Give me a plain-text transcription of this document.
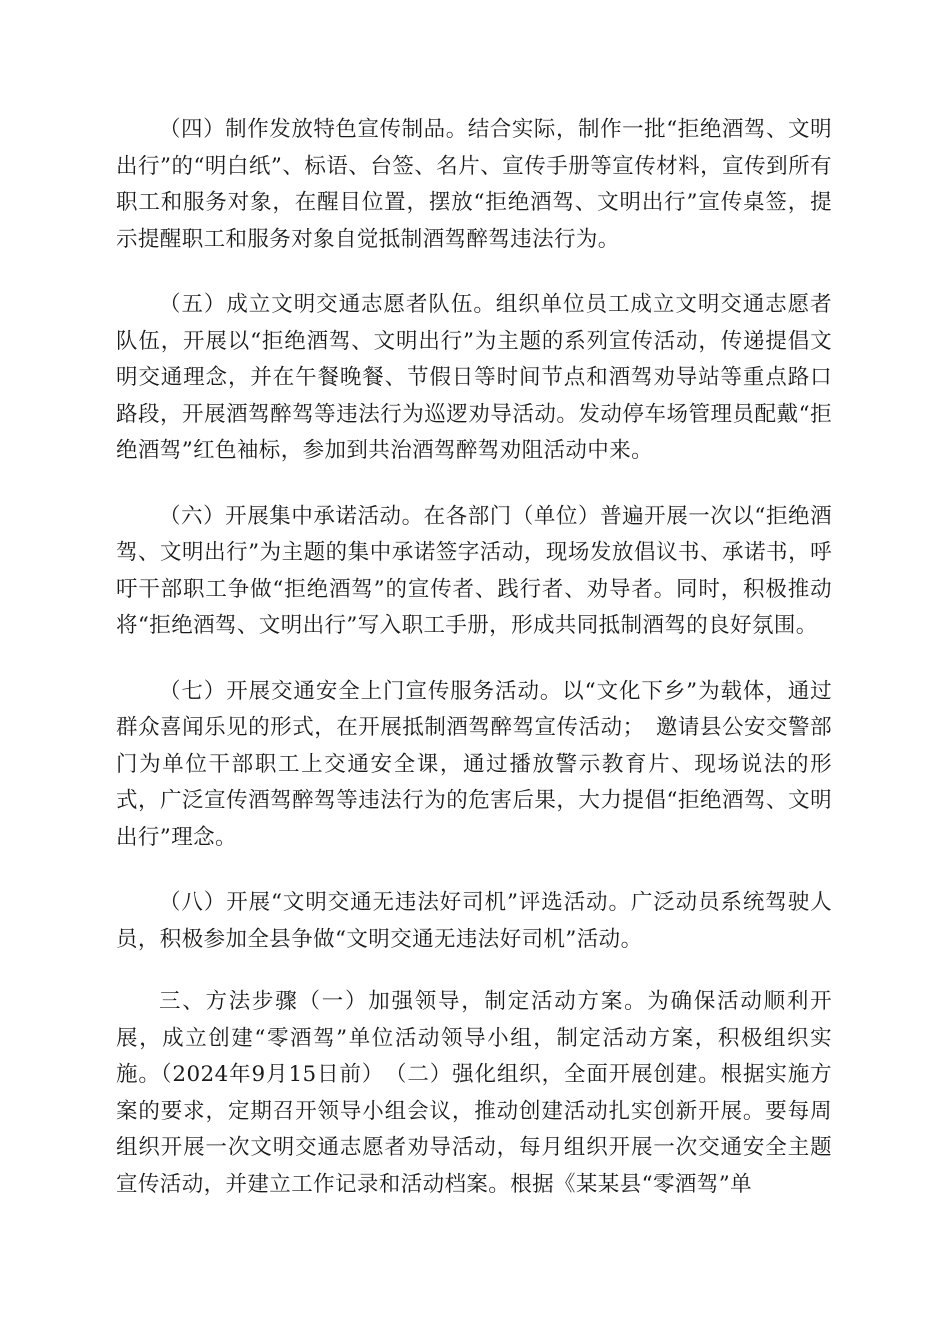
（四）制作发放特色宣传制品。结合实际，制作一批“拒绝酒驾、文明出行”的“明白纸”、标语、台签、名片、宣传手册等宣传材料，宣传到所有职工和服务对象，在醒目位置，摆放“拒绝酒驾、文明出行”宣传桌签，提示提醒职工和服务对象自觉抵制酒驾醉驾违法行为。

（五）成立文明交通志愿者队伍。组织单位员工成立文明交通志愿者队伍，开展以“拒绝酒驾、文明出行”为主题的系列宣传活动，传递提倡文明交通理念，并在午餐晚餐、节假日等时间节点和酒驾劝导站等重点路口路段，开展酒驾醉驾等违法行为巡逻劝导活动。发动停车场管理员配戴“拒绝酒驾”红色袖标，参加到共治酒驾醉驾劝阻活动中来。

（六）开展集中承诺活动。在各部门（单位）普遍开展一次以“拒绝酒驾、文明出行”为主题的集中承诺签字活动，现场发放倡议书、承诺书，呼吁干部职工争做“拒绝酒驾”的宣传者、践行者、劝导者。同时，积极推动将“拒绝酒驾、文明出行”写入职工手册，形成共同抵制酒驾的良好氛围。

（七）开展交通安全上门宣传服务活动。以“文化下乡”为载体，通过群众喜闻乐见的形式，在开展抵制酒驾醉驾宣传活动；　邀请县公安交警部门为单位干部职工上交通安全课，通过播放警示教育片、现场说法的形式，广泛宣传酒驾醉驾等违法行为的危害后果，大力提倡“拒绝酒驾、文明出行”理念。

（八）开展“文明交通无违法好司机”评选活动。广泛动员系统驾驶人员，积极参加全县争做“文明交通无违法好司机”活动。

三、方法步骤（一）加强领导，制定活动方案。为确保活动顺利开展，成立创建“零酒驾”单位活动领导小组，制定活动方案，积极组织实施。（2024年9月15日前）　（二）强化组织，全面开展创建。根据实施方案的要求，定期召开领导小组会议，推动创建活动扎实创新开展。要每周组织开展一次文明交通志愿者劝导活动，每月组织开展一次交通安全主题宣传活动，并建立工作记录和活动档案。根据《某某县“零酒驾”单
